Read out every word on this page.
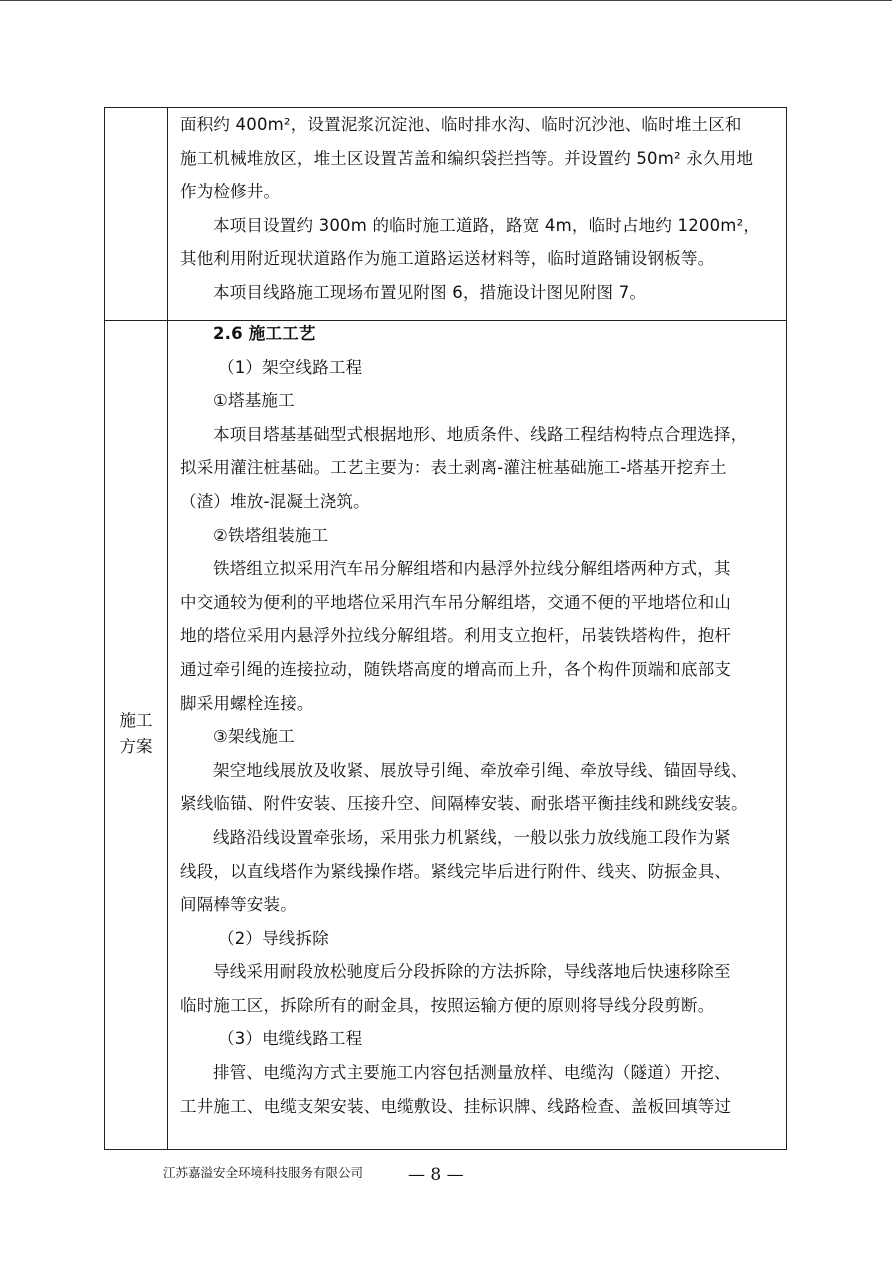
施工
方案
面积约 400m²，设置泥浆沉淀池、临时排水沟、临时沉沙池、临时堆土区和
施工机械堆放区，堆土区设置苫盖和编织袋拦挡等。并设置约 50m² 永久用地
作为检修井。
本项目设置约 300m 的临时施工道路，路宽 4m，临时占地约 1200m²，
其他利用附近现状道路作为施工道路运送材料等，临时道路铺设钢板等。
本项目线路施工现场布置见附图 6，措施设计图见附图 7。
2.6 施工工艺
（1）架空线路工程
①塔基施工
本项目塔基基础型式根据地形、地质条件、线路工程结构特点合理选择，
拟采用灌注桩基础。工艺主要为：表土剥离-灌注桩基础施工-塔基开挖弃土
（渣）堆放-混凝土浇筑。
②铁塔组装施工
铁塔组立拟采用汽车吊分解组塔和内悬浮外拉线分解组塔两种方式，其
中交通较为便利的平地塔位采用汽车吊分解组塔，交通不便的平地塔位和山
地的塔位采用内悬浮外拉线分解组塔。利用支立抱杆，吊装铁塔构件，抱杆
通过牵引绳的连接拉动，随铁塔高度的增高而上升，各个构件顶端和底部支
脚采用螺栓连接。
③架线施工
架空地线展放及收紧、展放导引绳、牵放牵引绳、牵放导线、锚固导线、
紧线临锚、附件安装、压接升空、间隔棒安装、耐张塔平衡挂线和跳线安装。
线路沿线设置牵张场，采用张力机紧线，一般以张力放线施工段作为紧
线段，以直线塔作为紧线操作塔。紧线完毕后进行附件、线夹、防振金具、
间隔棒等安装。
（2）导线拆除
导线采用耐段放松驰度后分段拆除的方法拆除，导线落地后快速移除至
临时施工区，拆除所有的耐金具，按照运输方便的原则将导线分段剪断。
（3）电缆线路工程
排管、电缆沟方式主要施工内容包括测量放样、电缆沟（隧道）开挖、
工井施工、电缆支架安装、电缆敷设、挂标识牌、线路检查、盖板回填等过
江苏嘉溢安全环境科技服务有限公司	— 8 —
